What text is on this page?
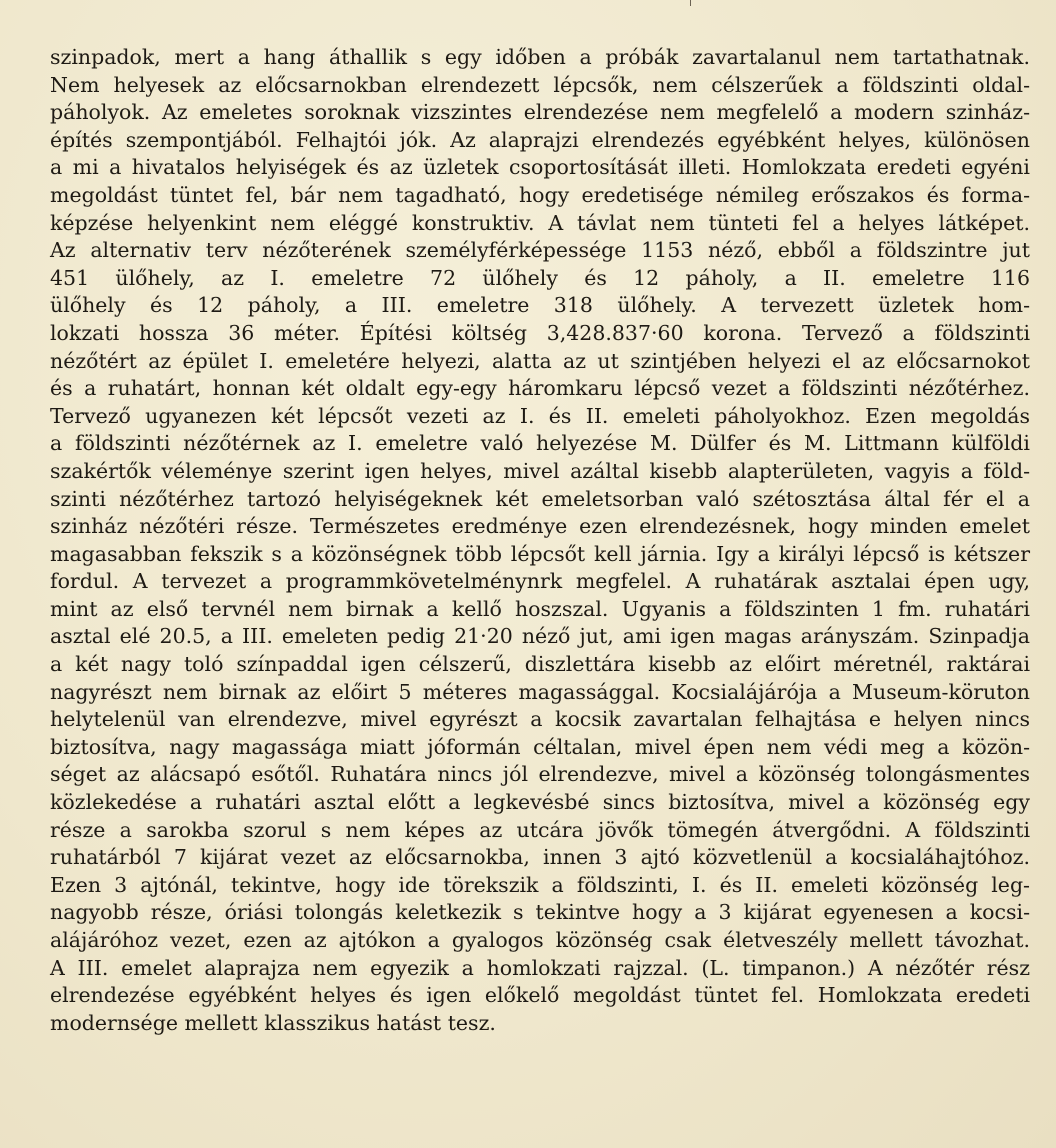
szinpadok, mert a hang áthallik s egy időben a próbák zavartalanul nem tartathatnak.
Nem helyesek az előcsarnokban elrendezett lépcsők, nem célszerűek a földszinti oldal-
páholyok. Az emeletes soroknak vizszintes elrendezése nem megfelelő a modern szinház-
építés szempontjából. Felhajtói jók. Az alaprajzi elrendezés egyébként helyes, különösen
a mi a hivatalos helyiségek és az üzletek csoportosítását illeti. Homlokzata eredeti egyéni
megoldást tüntet fel, bár nem tagadható, hogy eredetisége némileg erőszakos és forma-
képzése helyenkint nem eléggé konstruktiv. A távlat nem tünteti fel a helyes látképet.
Az alternativ terv nézőterének személyférképessége 1153 néző, ebből a földszintre jut
451 ülőhely, az I. emeletre 72 ülőhely és 12 páholy, a II. emeletre 116
ülőhely és 12 páholy, a III. emeletre 318 ülőhely. A tervezett üzletek hom-
lokzati hossza 36 méter. Építési költség 3,428.837·60 korona. Tervező a földszinti
nézőtért az épület I. emeletére helyezi, alatta az ut szintjében helyezi el az előcsarnokot
és a ruhatárt, honnan két oldalt egy-egy háromkaru lépcső vezet a földszinti nézőtérhez.
Tervező ugyanezen két lépcsőt vezeti az I. és II. emeleti páholyokhoz. Ezen megoldás
a földszinti nézőtérnek az I. emeletre való helyezése M. Dülfer és M. Littmann külföldi
szakértők véleménye szerint igen helyes, mivel azáltal kisebb alapterületen, vagyis a föld-
szinti nézőtérhez tartozó helyiségeknek két emeletsorban való szétosztása által fér el a
szinház nézőtéri része. Természetes eredménye ezen elrendezésnek, hogy minden emelet
magasabban fekszik s a közönségnek több lépcsőt kell járnia. Igy a királyi lépcső is kétszer
fordul. A tervezet a programmkövetelménynrk megfelel. A ruhatárak asztalai épen ugy,
mint az első tervnél nem birnak a kellő hoszszal. Ugyanis a földszinten 1 fm. ruhatári
asztal elé 20.5, a III. emeleten pedig 21·20 néző jut, ami igen magas arányszám. Szinpadja
a két nagy toló színpaddal igen célszerű, diszlettára kisebb az előirt méretnél, raktárai
nagyrészt nem birnak az előirt 5 méteres magassággal. Kocsialájárója a Museum-köruton
helytelenül van elrendezve, mivel egyrészt a kocsik zavartalan felhajtása e helyen nincs
biztosítva, nagy magassága miatt jóformán céltalan, mivel épen nem védi meg a közön-
séget az alácsapó esőtől. Ruhatára nincs jól elrendezve, mivel a közönség tolongásmentes
közlekedése a ruhatári asztal előtt a legkevésbé sincs biztosítva, mivel a közönség egy
része a sarokba szorul s nem képes az utcára jövők tömegén átvergődni. A földszinti
ruhatárból 7 kijárat vezet az előcsarnokba, innen 3 ajtó közvetlenül a kocsialáhajtóhoz.
Ezen 3 ajtónál, tekintve, hogy ide törekszik a földszinti, I. és II. emeleti közönség leg-
nagyobb része, óriási tolongás keletkezik s tekintve hogy a 3 kijárat egyenesen a kocsi-
alájáróhoz vezet, ezen az ajtókon a gyalogos közönség csak életveszély mellett távozhat.
A III. emelet alaprajza nem egyezik a homlokzati rajzzal. (L. timpanon.) A nézőtér rész
elrendezése egyébként helyes és igen előkelő megoldást tüntet fel. Homlokzata eredeti
modernsége mellett klasszikus hatást tesz.
